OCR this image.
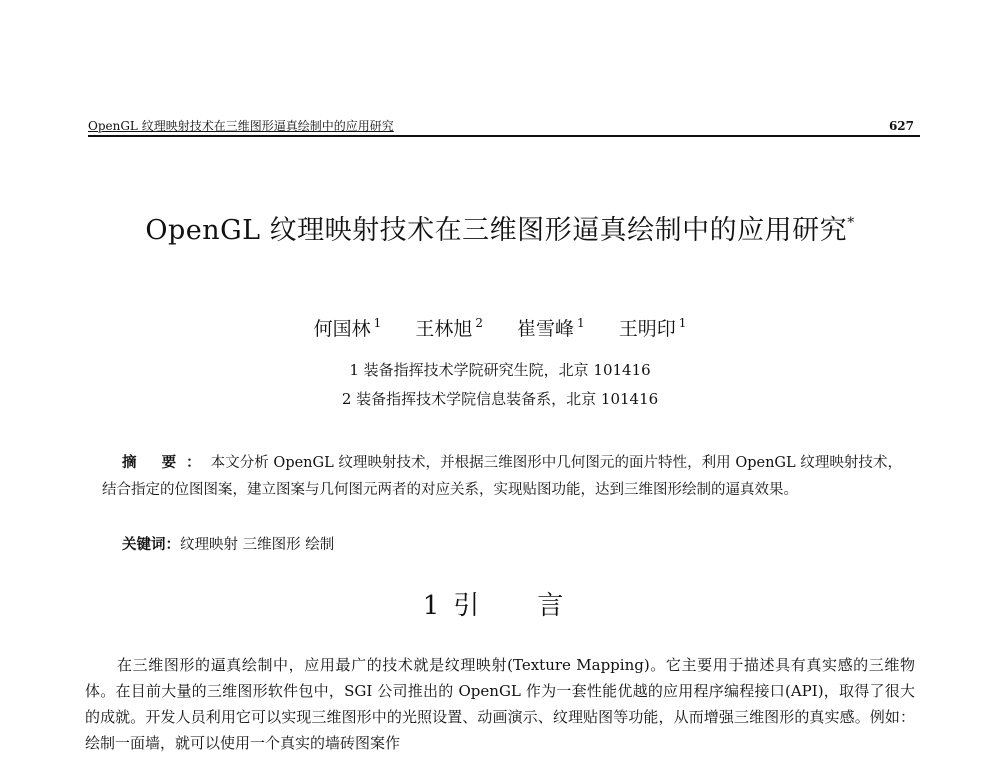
OpenGL 纹理映射技术在三维图形逼真绘制中的应用研究	627
OpenGL 纹理映射技术在三维图形逼真绘制中的应用研究*
何国林 $^1$ 王林旭 $^2$ 崔雪峰 $^1$ 王明印 $^1$
1 装备指挥技术学院研究生院，北京 101416
2 装备指挥技术学院信息装备系，北京 101416
摘 要：本文分析 OpenGL 纹理映射技术，并根据三维图形中几何图元的面片特性，利用 OpenGL 纹理映射技术，结合指定的位图图案，建立图案与几何图元两者的对应关系，实现贴图功能，达到三维图形绘制的逼真效果。
关键词：纹理映射 三维图形 绘制
1引 言

在三维图形的逼真绘制中，应用最广的技术就是纹理映射(Texture Mapping)。它主要用于描述具有真实感的三维物体。在目前大量的三维图形软件包中，SGI 公司推出的 OpenGL 作为一套性能优越的应用程序编程接口(API)，取得了很大的成就。开发人员利用它可以实现三维图形中的光照设置、动画演示、纹理贴图等功能，从而增强三维图形的真实感。例如：绘制一面墙，就可以使用一个真实的墙砖图案作
